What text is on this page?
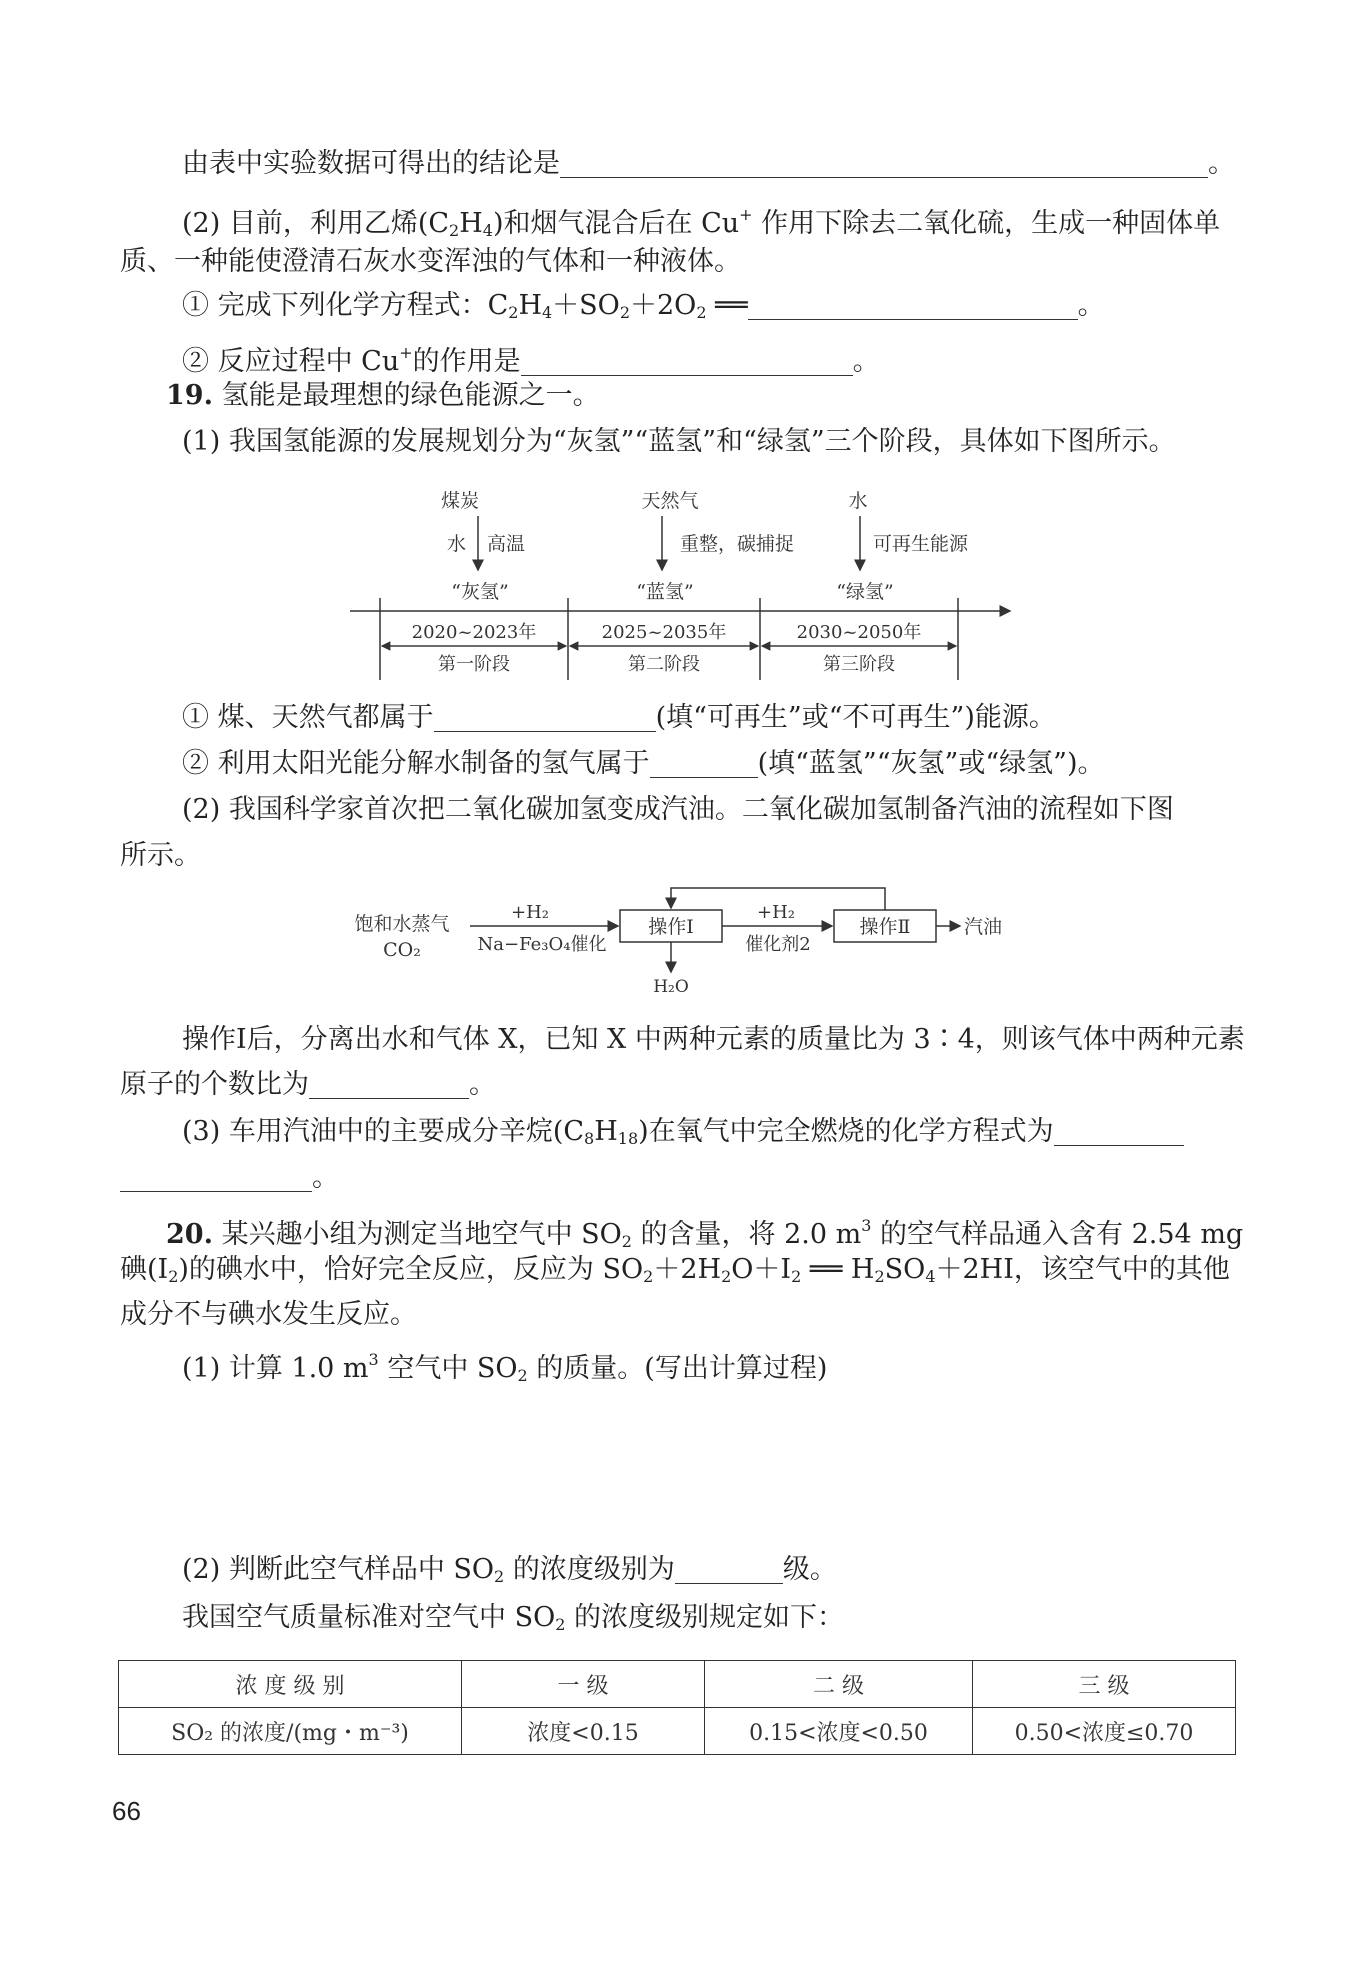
由表中实验数据可得出的结论是	。
(2) 目前，利用乙烯$(C_2H_4)$和烟气混合后在 Cu+ 作用下除去二氧化硫，生成一种固体单
质、一种能使澄清石灰水变浑浊的气体和一种液体。
① 完成下列化学方程式：$C_2H_4+SO_2+2O_2$ ══	。
② 反应过程中 Cu+的作用是	。
19. 氢能是最理想的绿色能源之一。
(1) 我国氢能源的发展规划分为“灰氢”“蓝氢”和“绿氢”三个阶段，具体如下图所示。
煤炭
水 高温
“灰氢”
天然气
重整，碳捕捉
“蓝氢”
水
可再生能源
“绿氢”
2020~2023年	2025~2035年	2030~2050年
第一阶段	第二阶段	第三阶段
① 煤、天然气都属于	(填“可再生”或“不可再生”)能源。
② 利用太阳光能分解水制备的氢气属于	(填“蓝氢”“灰氢”或“绿氢”)。
(2) 我国科学家首次把二氧化碳加氢变成汽油。二氧化碳加氢制备汽油的流程如下图
所示。
饱和水蒸气
CO₂
+H₂
Na−Fe₃O₄催化
操作Ⅰ
H₂O
+H₂
催化剂2
操作Ⅱ	汽油
操作Ⅰ后，分离出水和气体 X，已知 X 中两种元素的质量比为 3∶4，则该气体中两种元素
原子的个数比为	。
(3) 车用汽油中的主要成分辛烷$(C_8H_{18})$在氧气中完全燃烧的化学方程式为
。
20. 某兴趣小组为测定当地空气中 $SO_2$ 的含量，将 2.0 $m^3$ 的空气样品通入含有 2.54 mg
碘$(I_2)$的碘水中，恰好完全反应，反应为 $SO_2+2H_2O+I_2$ ══ $H_2SO_4+2HI$，该空气中的其他
成分不与碘水发生反应。
(1) 计算 1.0 $m^3$ 空气中 $SO_2$ 的质量。(写出计算过程)
(2) 判断此空气样品中 $SO_2$ 的浓度级别为	级。
我国空气质量标准对空气中 $SO_2$ 的浓度级别规定如下：
浓 度 级 别	一 级	二 级	三 级
SO₂ 的浓度/(mg・m⁻³)	浓度<0.15	0.15<浓度<0.50	0.50<浓度≤0.70
66
